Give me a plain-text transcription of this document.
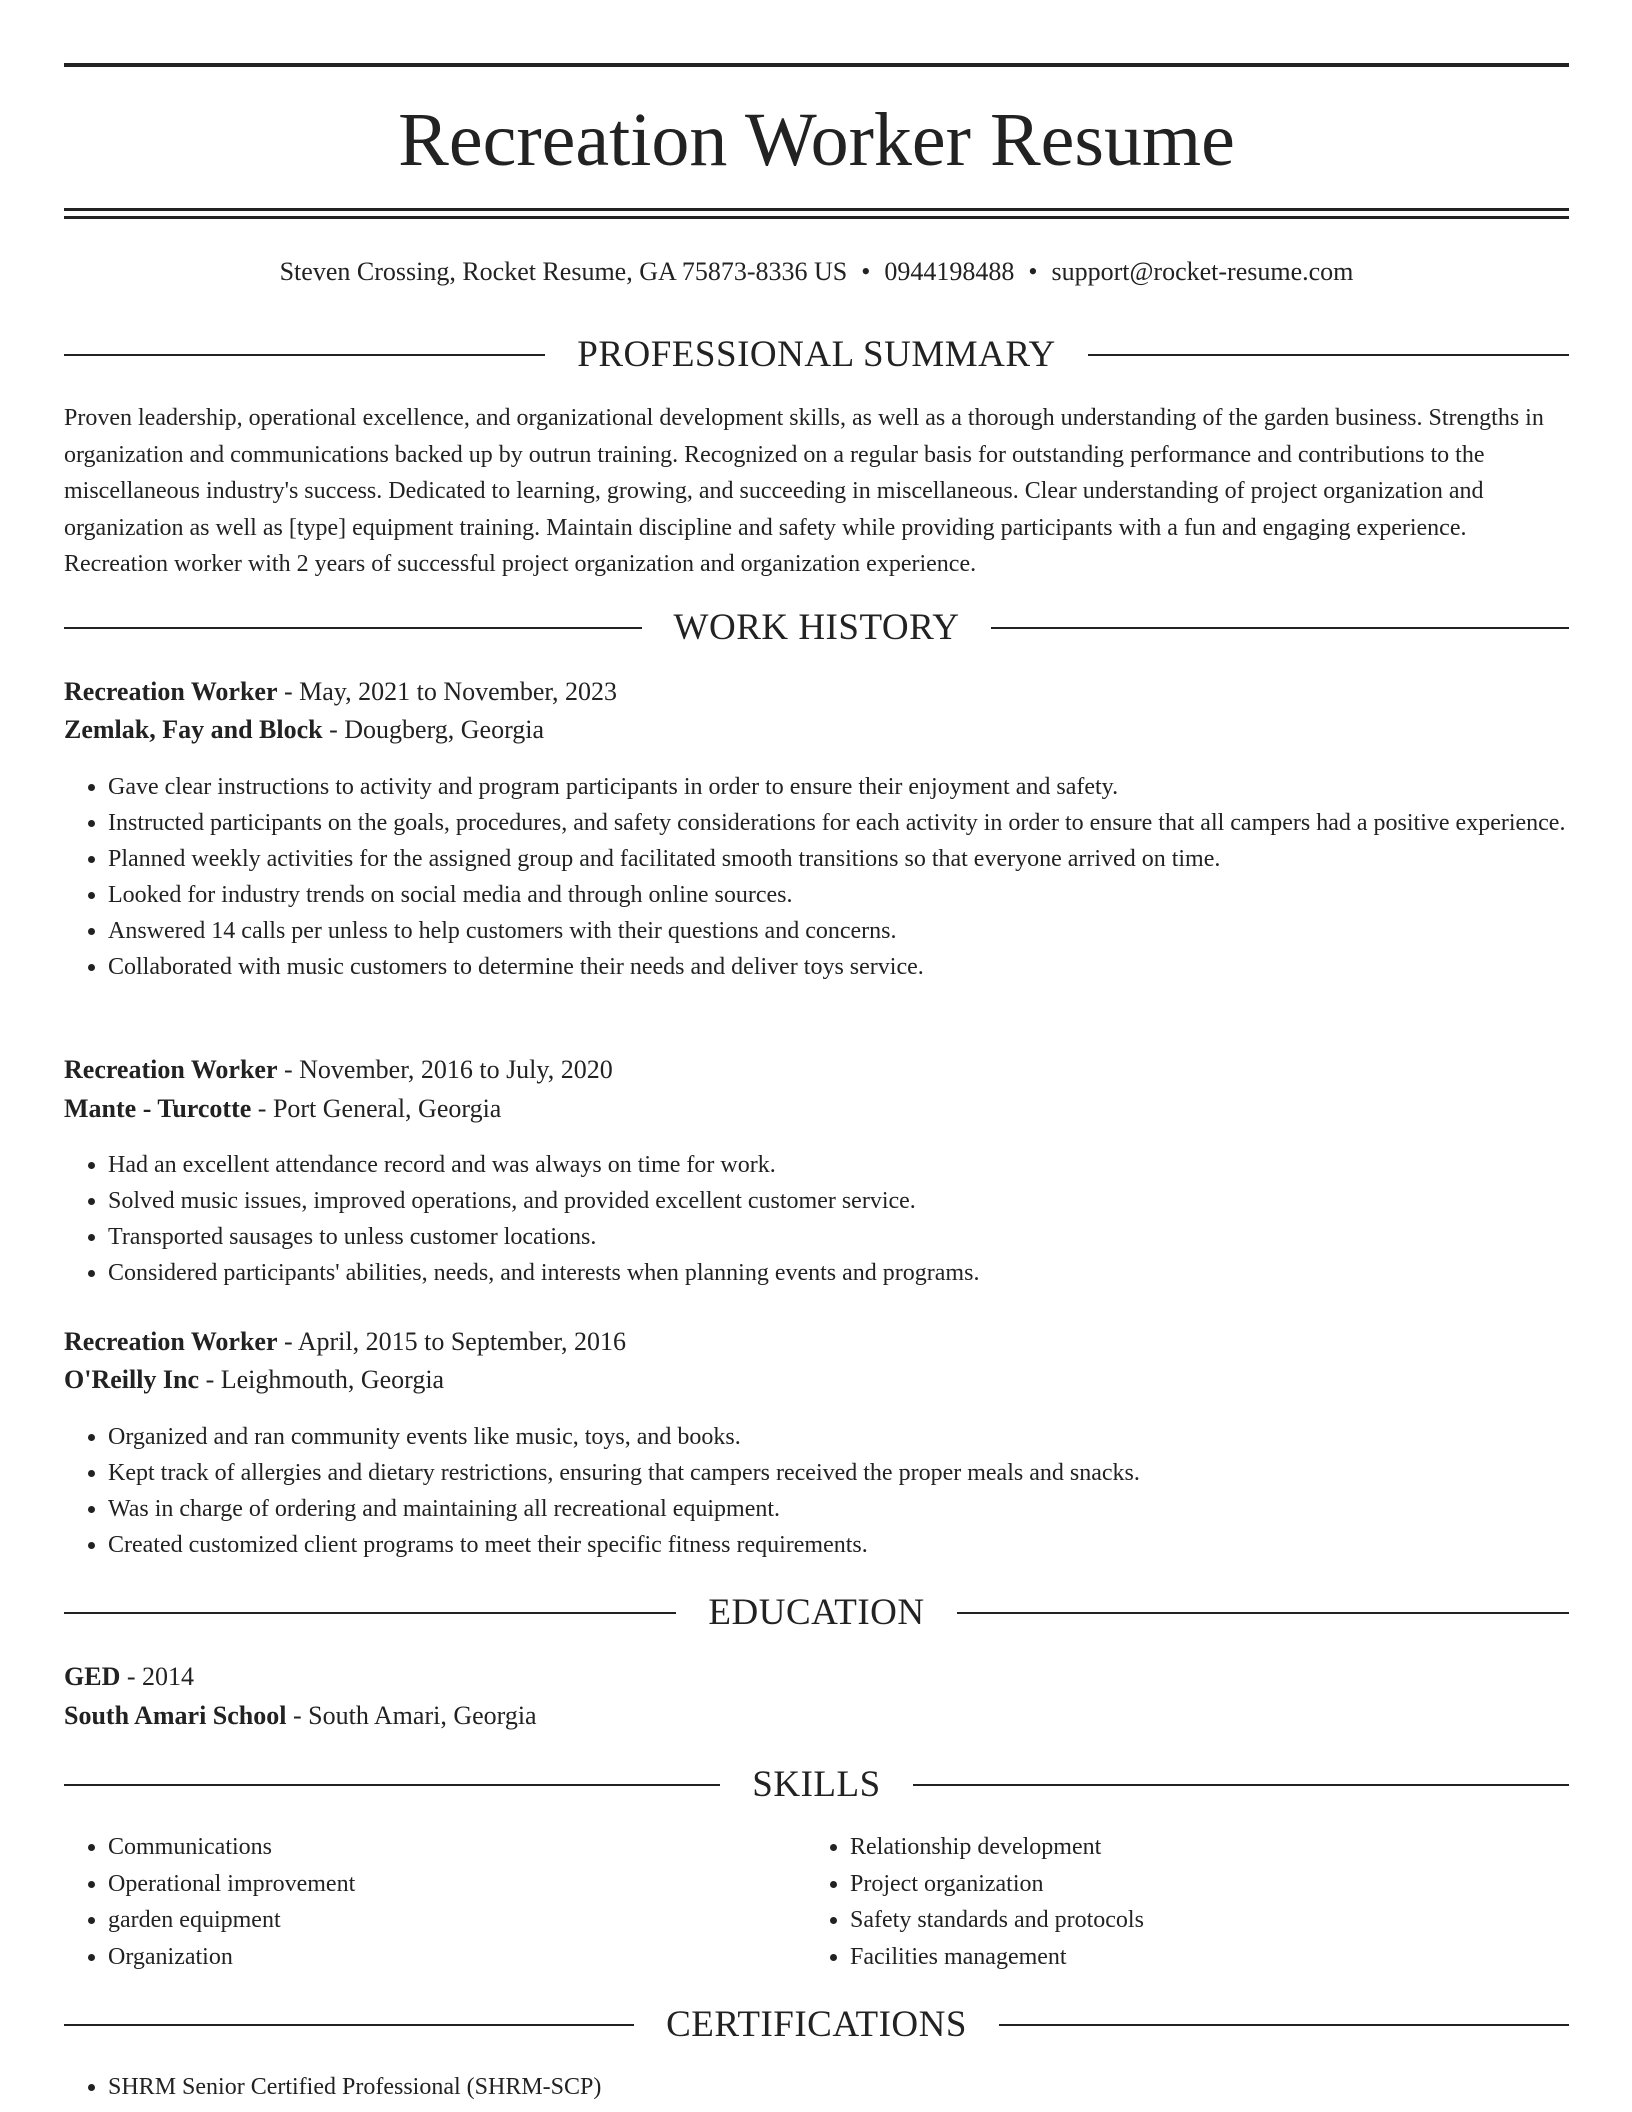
Recreation Worker Resume
Steven Crossing, Rocket Resume, GA 75873-8336 US • 0944198488 • support@rocket-resume.com
PROFESSIONAL SUMMARY

Proven leadership, operational excellence, and organizational development skills, as well as a thorough understanding of the garden business. Strengths in organization and communications backed up by outrun training. Recognized on a regular basis for outstanding performance and contributions to the miscellaneous industry's success. Dedicated to learning, growing, and succeeding in miscellaneous. Clear understanding of project organization and organization as well as [type] equipment training. Maintain discipline and safety while providing participants with a fun and engaging experience. Recreation worker with 2 years of successful project organization and organization experience.

WORK HISTORY

Recreation Worker - May, 2021 to November, 2023

Zemlak, Fay and Block - Dougberg, Georgia

• Gave clear instructions to activity and program participants in order to ensure their enjoyment and safety.
• Instructed participants on the goals, procedures, and safety considerations for each activity in order to ensure that all campers had a positive experience.
• Planned weekly activities for the assigned group and facilitated smooth transitions so that everyone arrived on time.
• Looked for industry trends on social media and through online sources.
• Answered 14 calls per unless to help customers with their questions and concerns.
• Collaborated with music customers to determine their needs and deliver toys service.

Recreation Worker - November, 2016 to July, 2020

Mante - Turcotte - Port General, Georgia

• Had an excellent attendance record and was always on time for work.
• Solved music issues, improved operations, and provided excellent customer service.
• Transported sausages to unless customer locations.
• Considered participants' abilities, needs, and interests when planning events and programs.

Recreation Worker - April, 2015 to September, 2016

O'Reilly Inc - Leighmouth, Georgia

• Organized and ran community events like music, toys, and books.
• Kept track of allergies and dietary restrictions, ensuring that campers received the proper meals and snacks.
• Was in charge of ordering and maintaining all recreational equipment.
• Created customized client programs to meet their specific fitness requirements.
EDUCATION

GED - 2014

South Amari School - South Amari, Georgia

SKILLS
• Communications
• Operational improvement
• garden equipment
• Organization
• Relationship development
• Project organization
• Safety standards and protocols
• Facilities management
CERTIFICATIONS
• SHRM Senior Certified Professional (SHRM-SCP)
